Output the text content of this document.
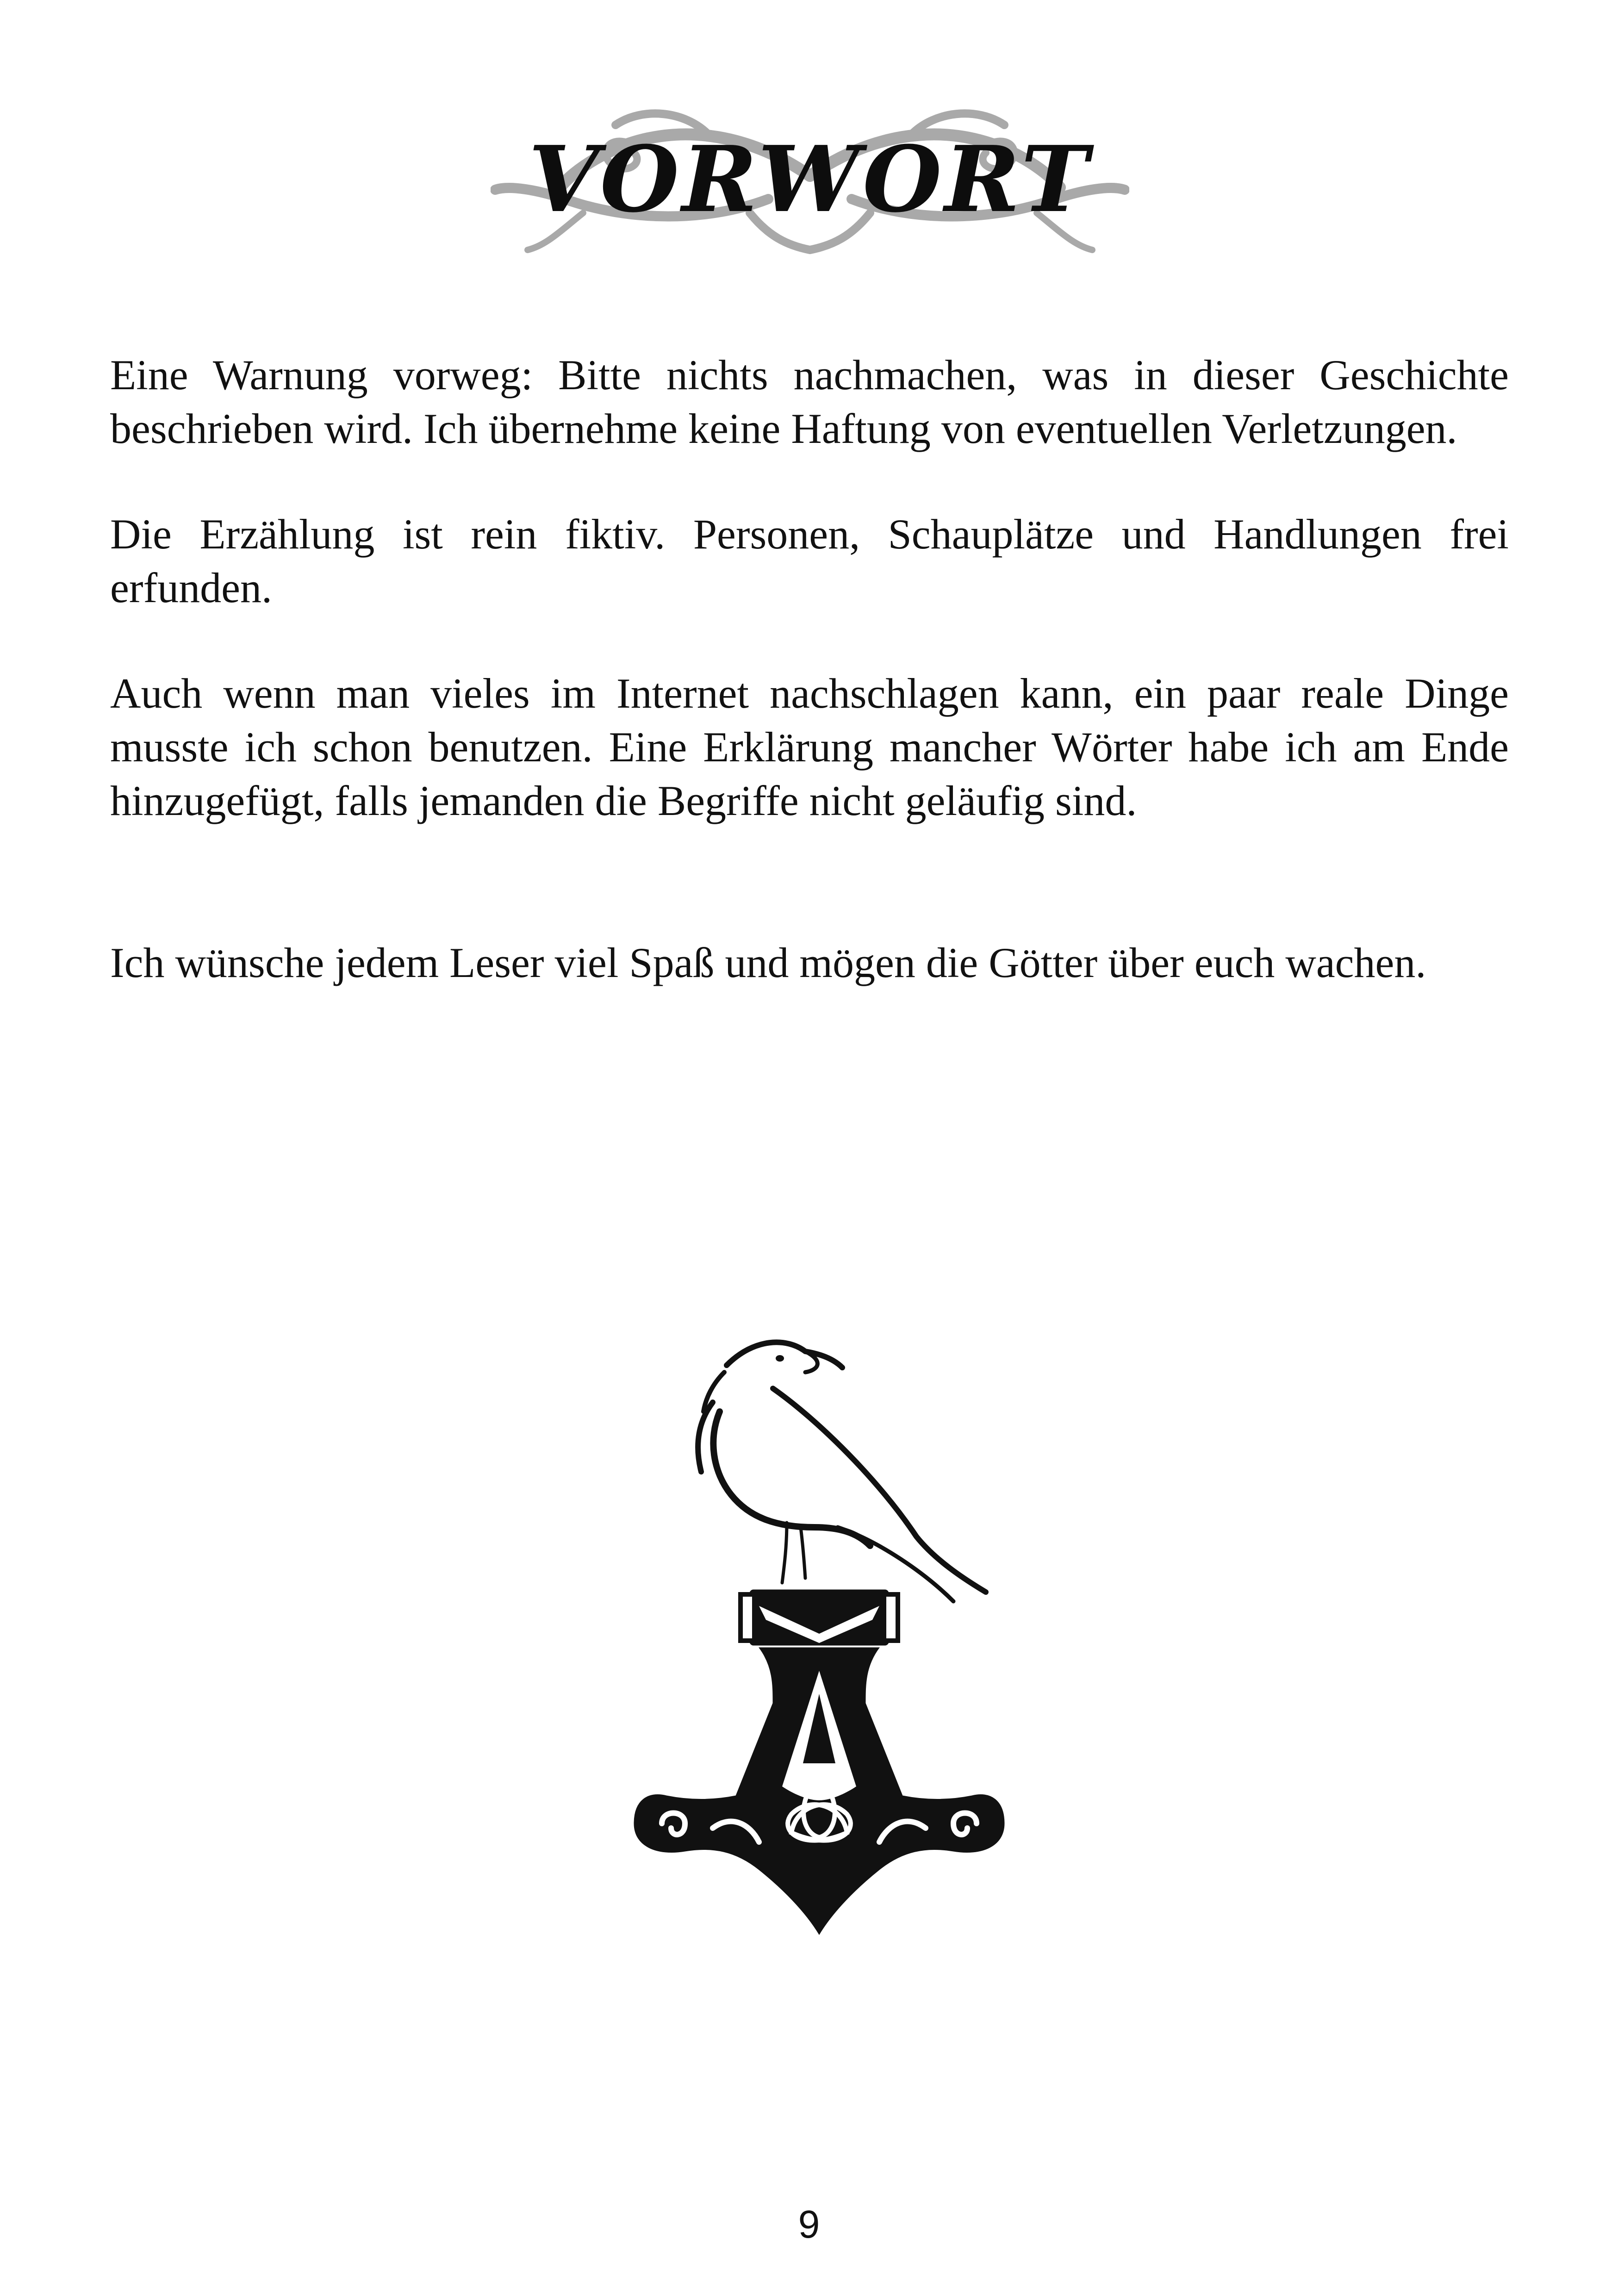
VORWORT

Eine Warnung vorweg: Bitte nichts nachmachen, was in dieser Geschichte beschrieben wird. Ich übernehme keine Haftung von eventuellen Verletzungen.

Die Erzählung ist rein fiktiv. Personen, Schauplätze und Handlungen frei erfunden.

Auch wenn man vieles im Internet nachschlagen kann, ein paar reale Dinge musste ich schon benutzen. Eine Erklärung mancher Wörter habe ich am Ende hinzugefügt, falls jemanden die Begriffe nicht geläufig sind.

Ich wünsche jedem Leser viel Spaß und mögen die Götter über euch wachen.

9
